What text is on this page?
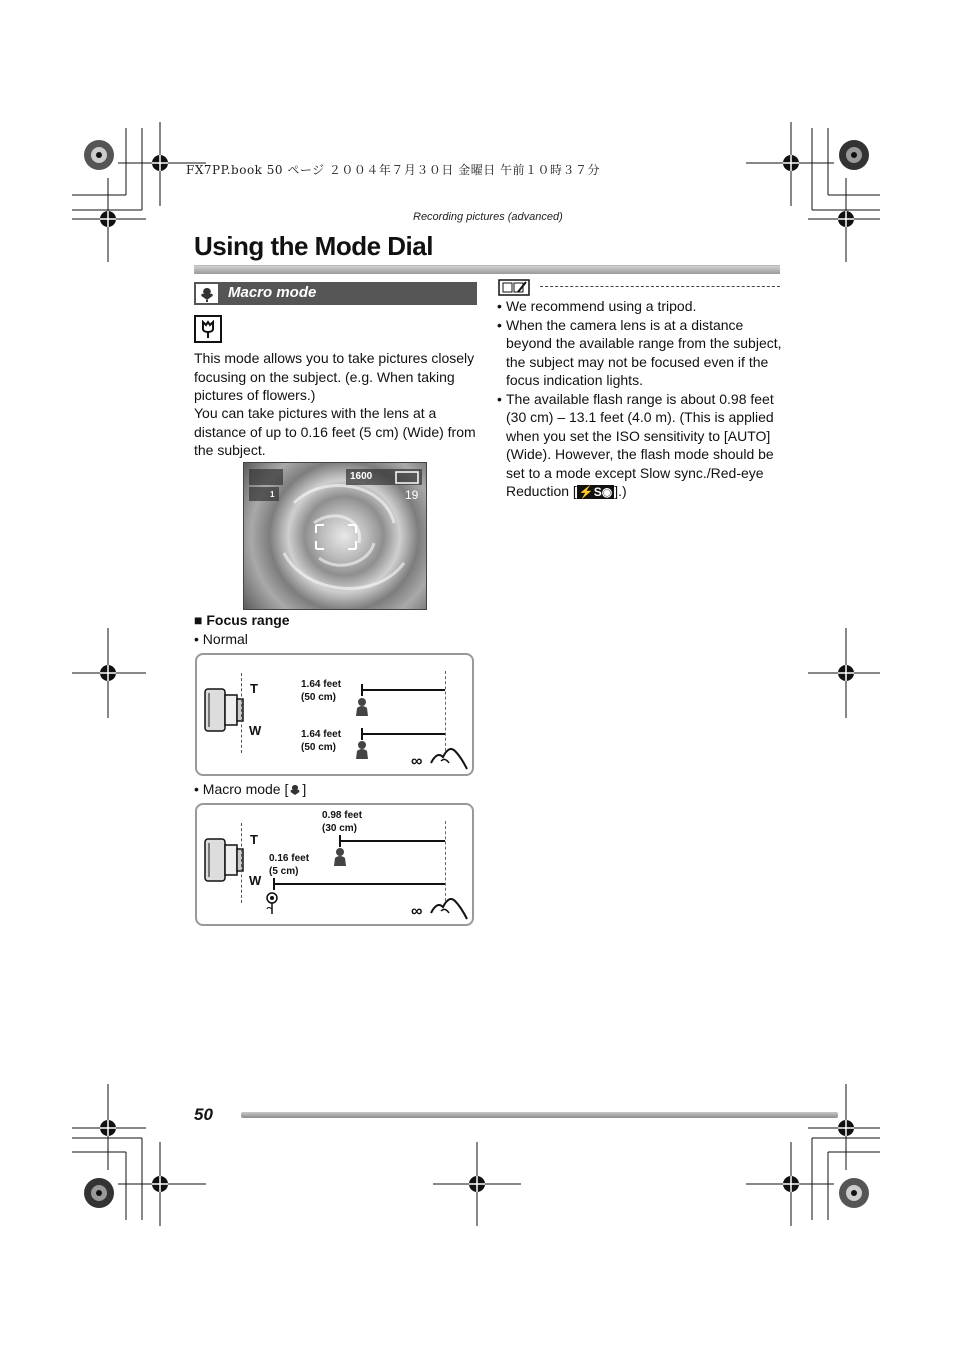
FX7PP.book 50 ページ ２００４年７月３０日 金曜日 午前１０時３７分
Recording pictures (advanced)
Using the Mode Dial
Macro mode
This mode allows you to take pictures closely focusing on the subject. (e.g. When taking pictures of flowers.)
You can take pictures with the lens at a distance of up to 0.16 feet (5 cm) (Wide) from the subject.
1600
19
1
■ Focus range
• Normal
T
W
1.64 feet
(50 cm)
1.64 feet
(50 cm)
∞
• Macro mode [ ]
T
W
0.98 feet
(30 cm)
0.16 feet
(5 cm)
∞
• We recommend using a tripod.
• When the camera lens is at a distance beyond the available range from the subject, the subject may not be focused even if the focus indication lights.
• The available flash range is about 0.98 feet (30 cm) – 13.1 feet (4.0 m). (This is applied when you set the ISO sensitivity to [AUTO] (Wide). However, the flash mode should be set to a mode except Slow sync./Red-eye Reduction [ ⚡S◉ ].)
50
